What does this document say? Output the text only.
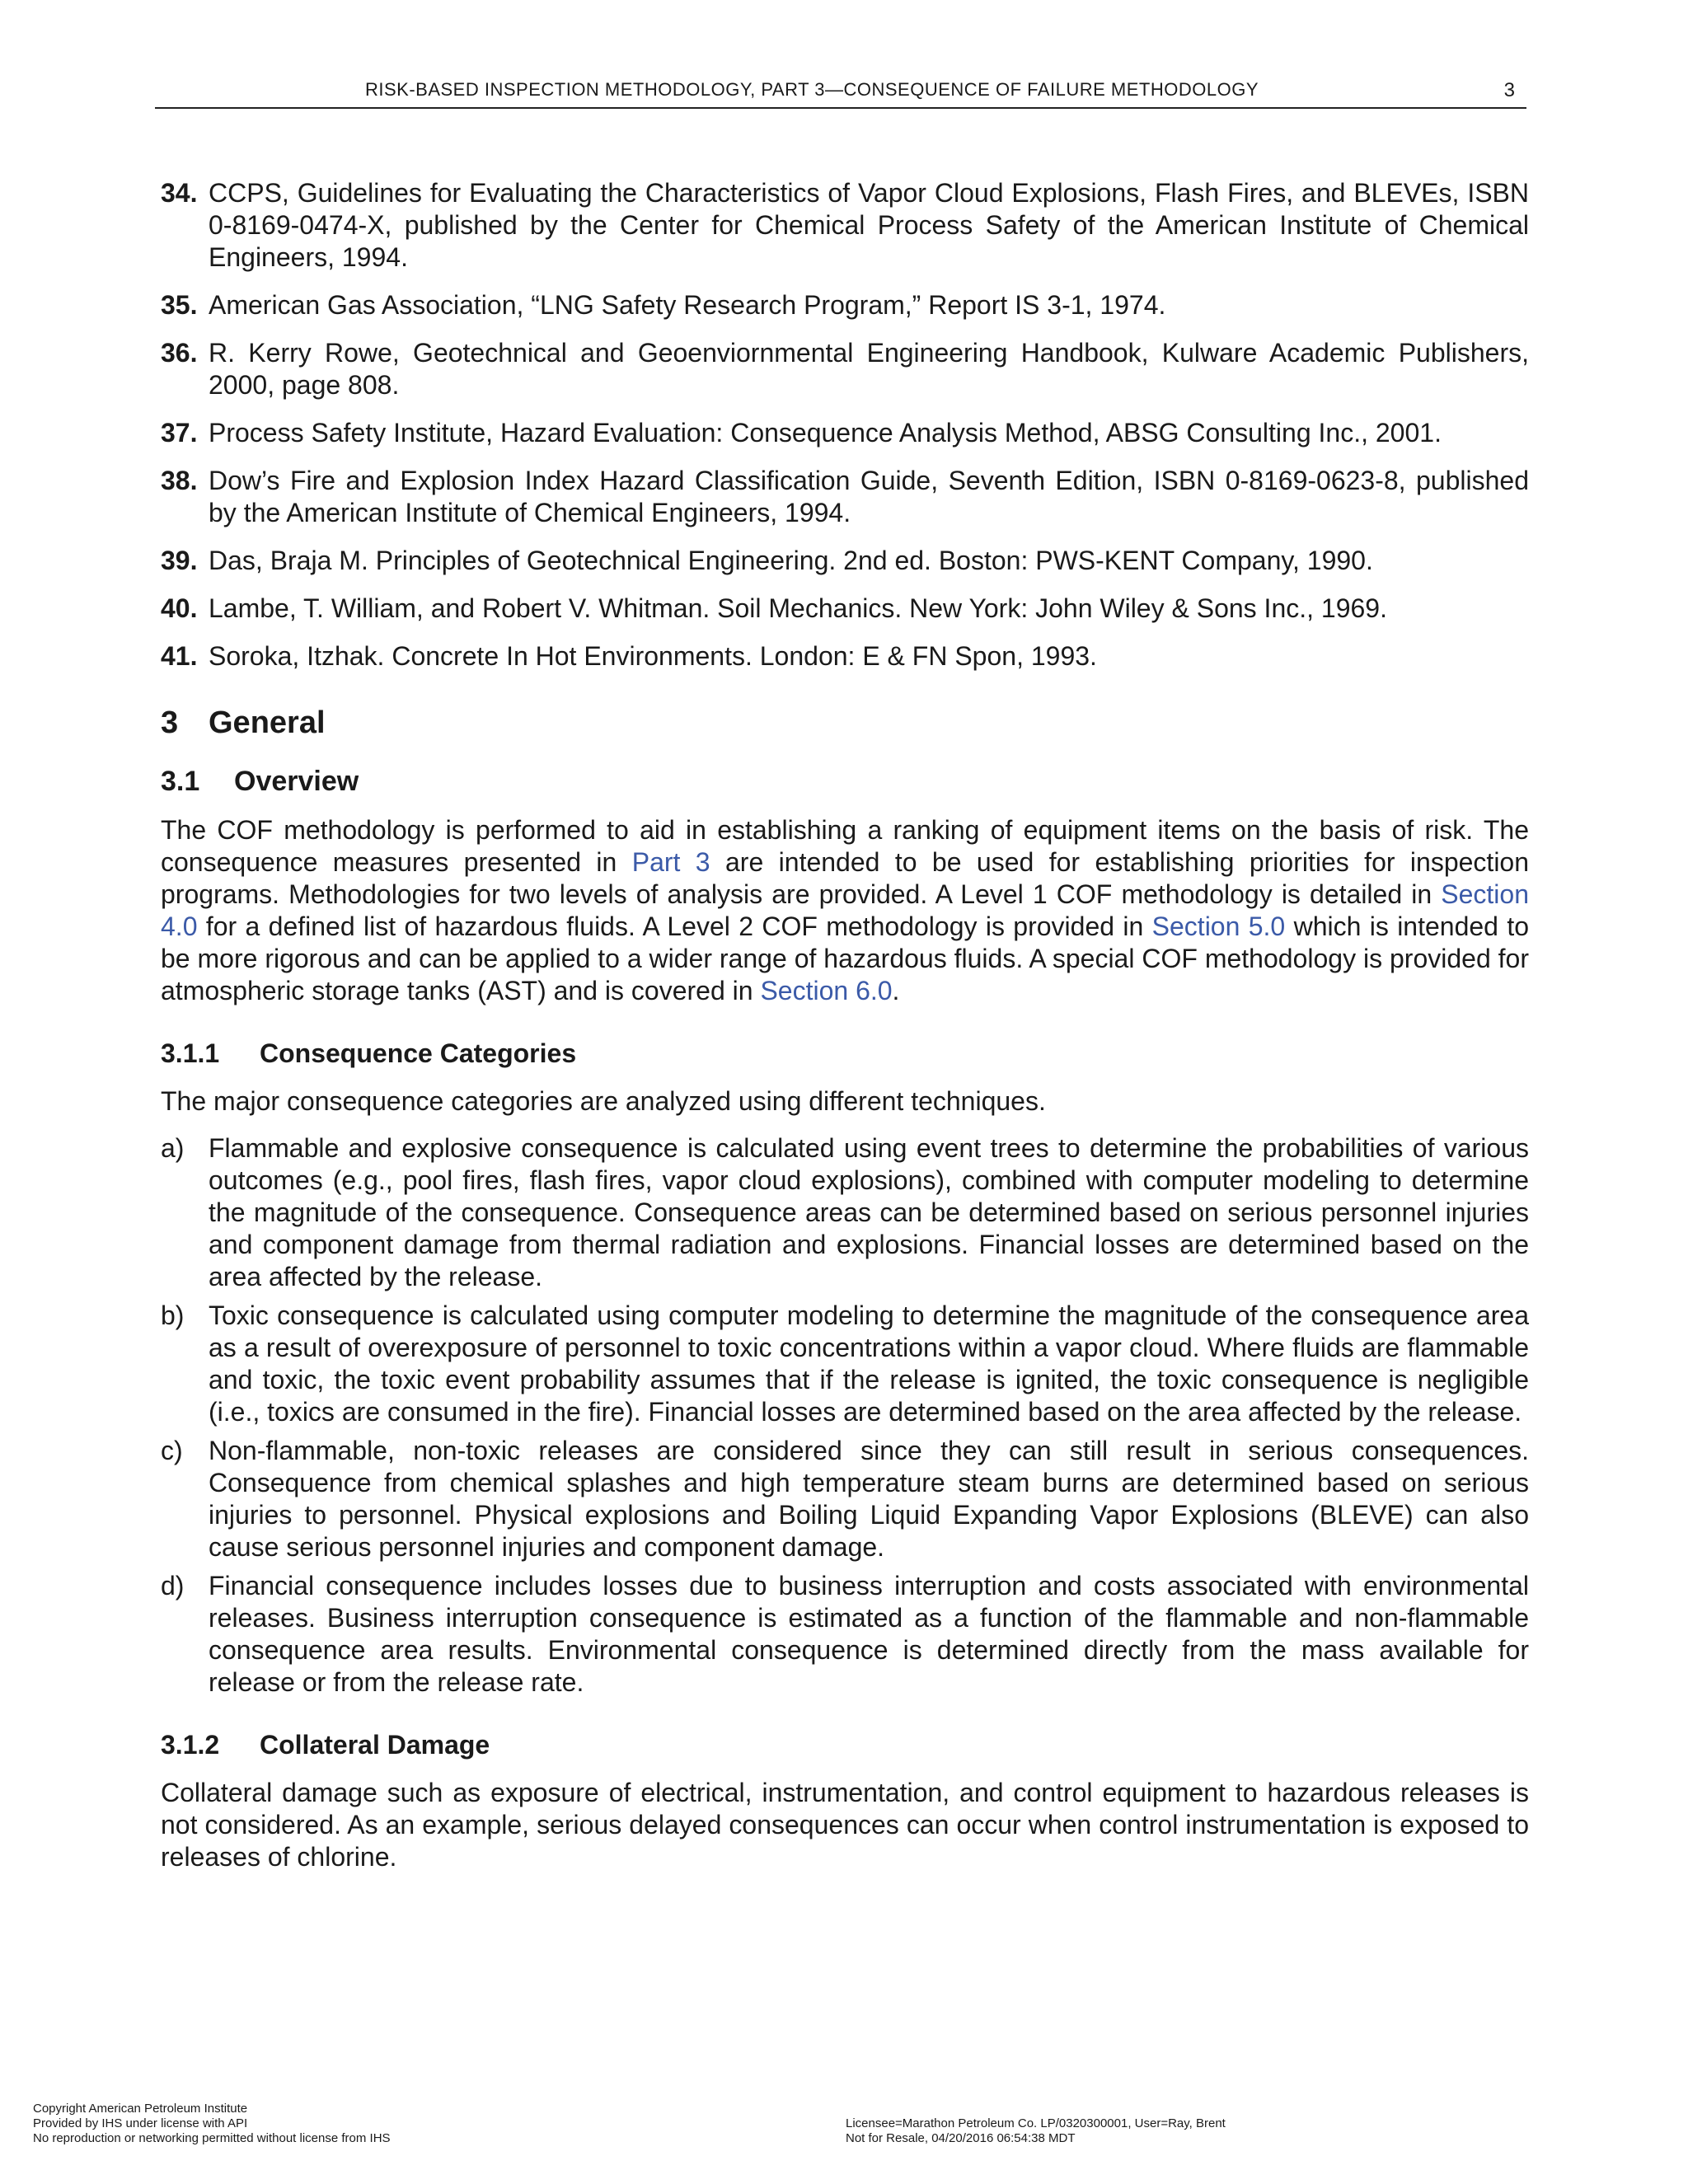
RISK-BASED INSPECTION METHODOLOGY, PART 3—CONSEQUENCE OF FAILURE METHODOLOGY	3
34. CCPS, Guidelines for Evaluating the Characteristics of Vapor Cloud Explosions, Flash Fires, and BLEVEs, ISBN 0-8169-0474-X, published by the Center for Chemical Process Safety of the American Institute of Chemical Engineers, 1994.
35. American Gas Association, “LNG Safety Research Program,” Report IS 3-1, 1974.
36. R. Kerry Rowe, Geotechnical and Geoenviornmental Engineering Handbook, Kulware Academic Publishers, 2000, page 808.
37. Process Safety Institute, Hazard Evaluation: Consequence Analysis Method, ABSG Consulting Inc., 2001.
38. Dow’s Fire and Explosion Index Hazard Classification Guide, Seventh Edition, ISBN 0-8169-0623-8, published by the American Institute of Chemical Engineers, 1994.
39. Das, Braja M. Principles of Geotechnical Engineering. 2nd ed. Boston: PWS-KENT Company, 1990.
40. Lambe, T. William, and Robert V. Whitman. Soil Mechanics. New York: John Wiley & Sons Inc., 1969.
41. Soroka, Itzhak. Concrete In Hot Environments. London: E & FN Spon, 1993.
3 General
3.1	Overview

The COF methodology is performed to aid in establishing a ranking of equipment items on the basis of risk. The consequence measures presented in Part 3 are intended to be used for establishing priorities for inspection programs. Methodologies for two levels of analysis are provided. A Level 1 COF methodology is detailed in Section 4.0 for a defined list of hazardous fluids. A Level 2 COF methodology is provided in Section 5.0 which is intended to be more rigorous and can be applied to a wider range of hazardous fluids. A special COF methodology is provided for atmospheric storage tanks (AST) and is covered in Section 6.0.

3.1.1	Consequence Categories

The major consequence categories are analyzed using different techniques.

a) Flammable and explosive consequence is calculated using event trees to determine the probabilities of various outcomes (e.g., pool fires, flash fires, vapor cloud explosions), combined with computer modeling to determine the magnitude of the consequence. Consequence areas can be determined based on serious personnel injuries and component damage from thermal radiation and explosions. Financial losses are determined based on the area affected by the release.
b) Toxic consequence is calculated using computer modeling to determine the magnitude of the consequence area as a result of overexposure of personnel to toxic concentrations within a vapor cloud. Where fluids are flammable and toxic, the toxic event probability assumes that if the release is ignited, the toxic consequence is negligible (i.e., toxics are consumed in the fire). Financial losses are determined based on the area affected by the release.
c) Non-flammable, non-toxic releases are considered since they can still result in serious consequences. Consequence from chemical splashes and high temperature steam burns are determined based on serious injuries to personnel. Physical explosions and Boiling Liquid Expanding Vapor Explosions (BLEVE) can also cause serious personnel injuries and component damage.
d) Financial consequence includes losses due to business interruption and costs associated with environmental releases. Business interruption consequence is estimated as a function of the flammable and non-flammable consequence area results. Environmental consequence is determined directly from the mass available for release or from the release rate.
3.1.2	Collateral Damage

Collateral damage such as exposure of electrical, instrumentation, and control equipment to hazardous releases is not considered. As an example, serious delayed consequences can occur when control instrumentation is exposed to releases of chlorine.

Copyright American Petroleum Institute
Provided by IHS under license with API
No reproduction or networking permitted without license from IHS
Licensee=Marathon Petroleum Co. LP/0320300001, User=Ray, Brent
Not for Resale, 04/20/2016 06:54:38 MDT
